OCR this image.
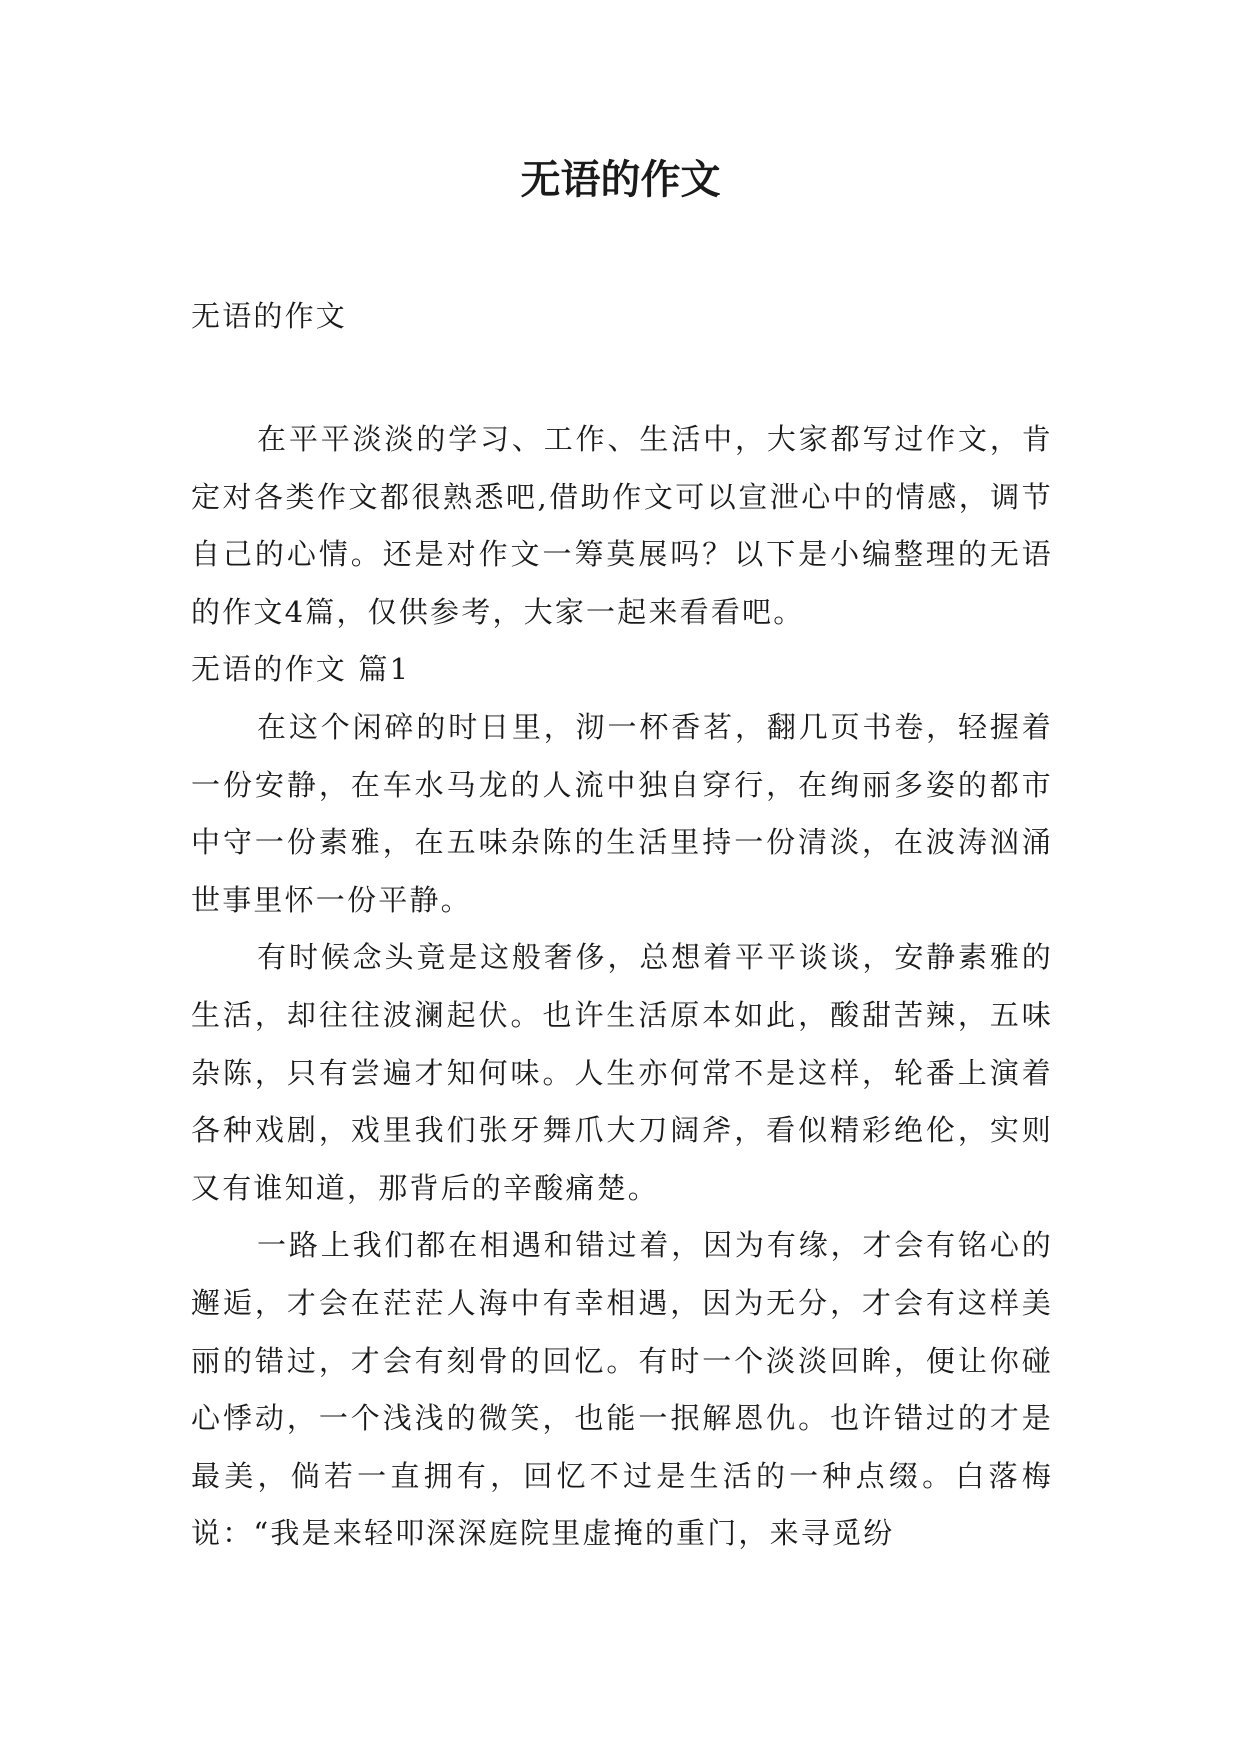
无语的作文
无语的作文

在平平淡淡的学习、工作、生活中，大家都写过作文，肯定对各类作文都很熟悉吧,借助作文可以宣泄心中的情感，调节自己的心情。还是对作文一筹莫展吗？以下是小编整理的无语的作文4篇，仅供参考，大家一起来看看吧。

无语的作文 篇1

在这个闲碎的时日里，沏一杯香茗，翻几页书卷，轻握着一份安静，在车水马龙的人流中独自穿行，在绚丽多姿的都市中守一份素雅，在五味杂陈的生活里持一份清淡，在波涛汹涌世事里怀一份平静。

有时候念头竟是这般奢侈，总想着平平谈谈，安静素雅的生活，却往往波澜起伏。也许生活原本如此，酸甜苦辣，五味杂陈，只有尝遍才知何味。人生亦何常不是这样，轮番上演着各种戏剧，戏里我们张牙舞爪大刀阔斧，看似精彩绝伦，实则又有谁知道，那背后的辛酸痛楚。

一路上我们都在相遇和错过着，因为有缘，才会有铭心的邂逅，才会在茫茫人海中有幸相遇，因为无分，才会有这样美丽的错过，才会有刻骨的回忆。有时一个淡淡回眸，便让你碰心悸动，一个浅浅的微笑，也能一抿解恩仇。也许错过的才是最美，倘若一直拥有，回忆不过是生活的一种点缀。白落梅说：“我是来轻叩深深庭院里虚掩的重门，来寻觅纷
